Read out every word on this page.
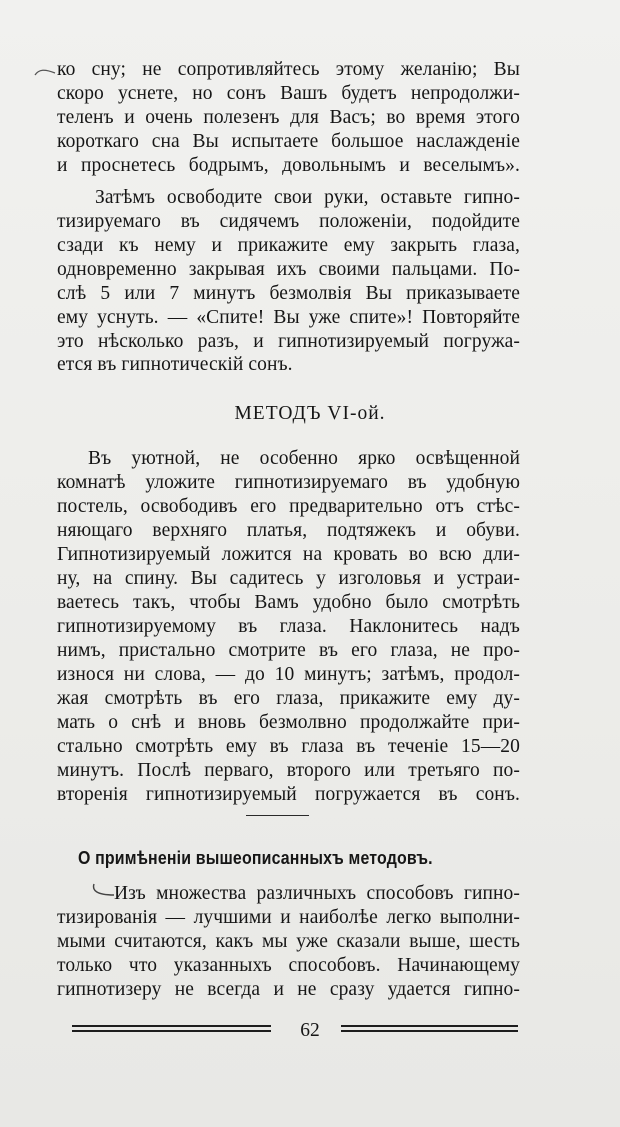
ко сну; не сопротивляйтесь этому желанію; Вы
скоро уснете, но сонъ Вашъ будетъ непродолжи-
теленъ и очень полезенъ для Васъ; во время этого
короткаго сна Вы испытаете большое наслажденіе
и проснетесь бодрымъ, довольнымъ и веселымъ».
Затѣмъ освободите свои руки, оставьте гипно-
тизируемаго въ сидячемъ положеніи, подойдите
сзади къ нему и прикажите ему закрыть глаза,
одновременно закрывая ихъ своими пальцами. По-
слѣ 5 или 7 минутъ безмолвія Вы приказываете
ему уснуть. — «Спите! Вы уже спите»! Повторяйте
это нѣсколько разъ, и гипнотизируемый погружа-
ется въ гипнотическій сонъ.
МЕТОДЪ VI-ой.
Въ уютной, не особенно ярко освѣщенной
комнатѣ уложите гипнотизируемаго въ удобную
постель, освободивъ его предварительно отъ стѣс-
няющаго верхняго платья, подтяжекъ и обуви.
Гипнотизируемый ложится на кровать во всю дли-
ну, на спину. Вы садитесь у изголовья и устраи-
ваетесь такъ, чтобы Вамъ удобно было смотрѣть
гипнотизируемому въ глаза. Наклонитесь надъ
нимъ, пристально смотрите въ его глаза, не про-
износя ни слова, — до 10 минутъ; затѣмъ, продол-
жая смотрѣть въ его глаза, прикажите ему ду-
мать о снѣ и вновь безмолвно продолжайте при-
стально смотрѣть ему въ глаза въ теченіе 15—20
минутъ. Послѣ перваго, второго или третьяго по-
вторенія гипнотизируемый погружается въ сонъ.
О примѣненіи вышеописанныхъ методовъ.
Изъ множества различныхъ способовъ гипно-
тизированія — лучшими и наиболѣе легко выполни-
мыми считаются, какъ мы уже сказали выше, шесть
только что указанныхъ способовъ. Начинающему
гипнотизеру не всегда и не сразу удается гипно-
62
